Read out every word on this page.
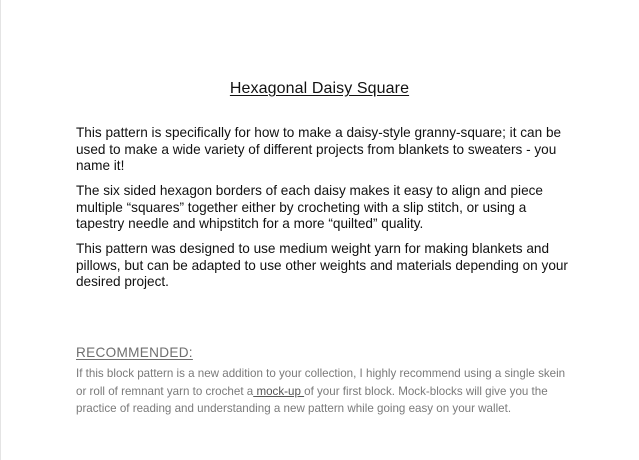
Hexagonal Daisy Square

This pattern is specifically for how to make a daisy-style granny-square; it can be used to make a wide variety of different projects from blankets to sweaters - you name it!

The six sided hexagon borders of each daisy makes it easy to align and piece multiple “squares” together either by crocheting with a slip stitch, or using a tapestry needle and whipstitch for a more “quilted” quality.

This pattern was designed to use medium weight yarn for making blankets and pillows, but can be adapted to use other weights and materials depending on your desired project.

RECOMMENDED:

If this block pattern is a new addition to your collection, I highly recommend using a single skein or roll of remnant yarn to crochet a mock-up of your first block. Mock-blocks will give you the practice of reading and understanding a new pattern while going easy on your wallet.
